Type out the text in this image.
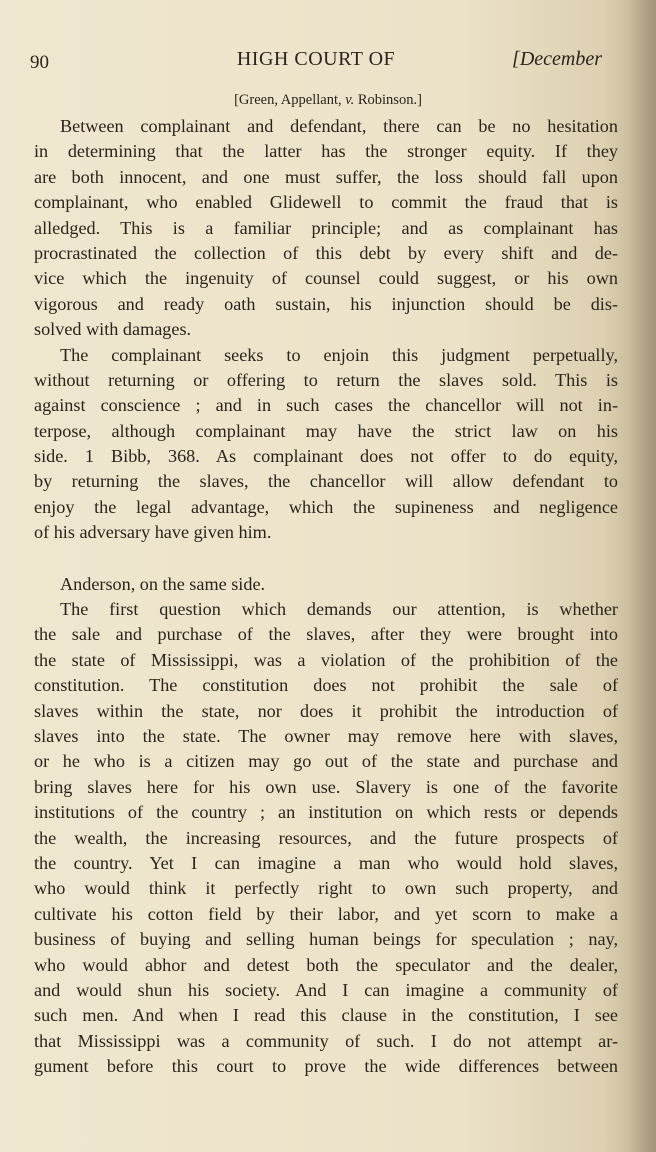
90	HIGH COURT OF	[December
[Green, Appellant, v. Robinson.]
Between complainant and defendant, there can be no hesitation
in determining that the latter has the stronger equity. If they
are both innocent, and one must suffer, the loss should fall upon
complainant, who enabled Glidewell to commit the fraud that is
alledged. This is a familiar principle; and as complainant has
procrastinated the collection of this debt by every shift and de-
vice which the ingenuity of counsel could suggest, or his own
vigorous and ready oath sustain, his injunction should be dis-
solved with damages.
The complainant seeks to enjoin this judgment perpetually,
without returning or offering to return the slaves sold. This is
against conscience ; and in such cases the chancellor will not in-
terpose, although complainant may have the strict law on his
side. 1 Bibb, 368. As complainant does not offer to do equity,
by returning the slaves, the chancellor will allow defendant to
enjoy the legal advantage, which the supineness and negligence
of his adversary have given him.
Anderson, on the same side.
The first question which demands our attention, is whether
the sale and purchase of the slaves, after they were brought into
the state of Mississippi, was a violation of the prohibition of the
constitution. The constitution does not prohibit the sale of
slaves within the state, nor does it prohibit the introduction of
slaves into the state. The owner may remove here with slaves,
or he who is a citizen may go out of the state and purchase and
bring slaves here for his own use. Slavery is one of the favorite
institutions of the country ; an institution on which rests or depends
the wealth, the increasing resources, and the future prospects of
the country. Yet I can imagine a man who would hold slaves,
who would think it perfectly right to own such property, and
cultivate his cotton field by their labor, and yet scorn to make a
business of buying and selling human beings for speculation ; nay,
who would abhor and detest both the speculator and the dealer,
and would shun his society. And I can imagine a community of
such men. And when I read this clause in the constitution, I see
that Mississippi was a community of such. I do not attempt ar-
gument before this court to prove the wide differences between
